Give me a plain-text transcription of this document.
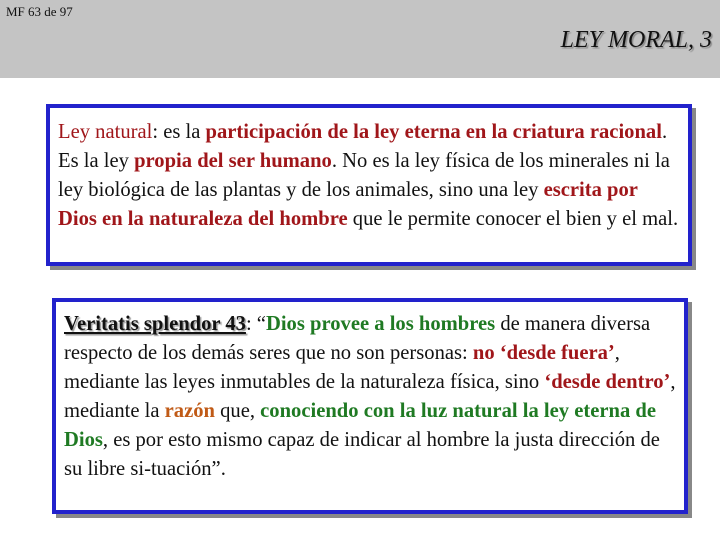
MF 63 de 97
LEY MORAL, 3

Ley natural: es la participación de la ley eterna en la criatura racional. Es la ley propia del ser humano. No es la ley física de los minerales ni la ley biológica de las plantas y de los animales, sino una ley escrita por Dios en la naturaleza del hombre que le permite conocer el bien y el mal.

Veritatis splendor 43: “Dios provee a los hombres de manera diversa respecto de los demás seres que no son personas: no ‘desde fuera’, mediante las leyes inmutables de la naturaleza física, sino ‘desde dentro’, mediante la razón que, conociendo con la luz natural la ley eterna de Dios, es por esto mismo capaz de indicar al hombre la justa dirección de su libre si-tuación”.
